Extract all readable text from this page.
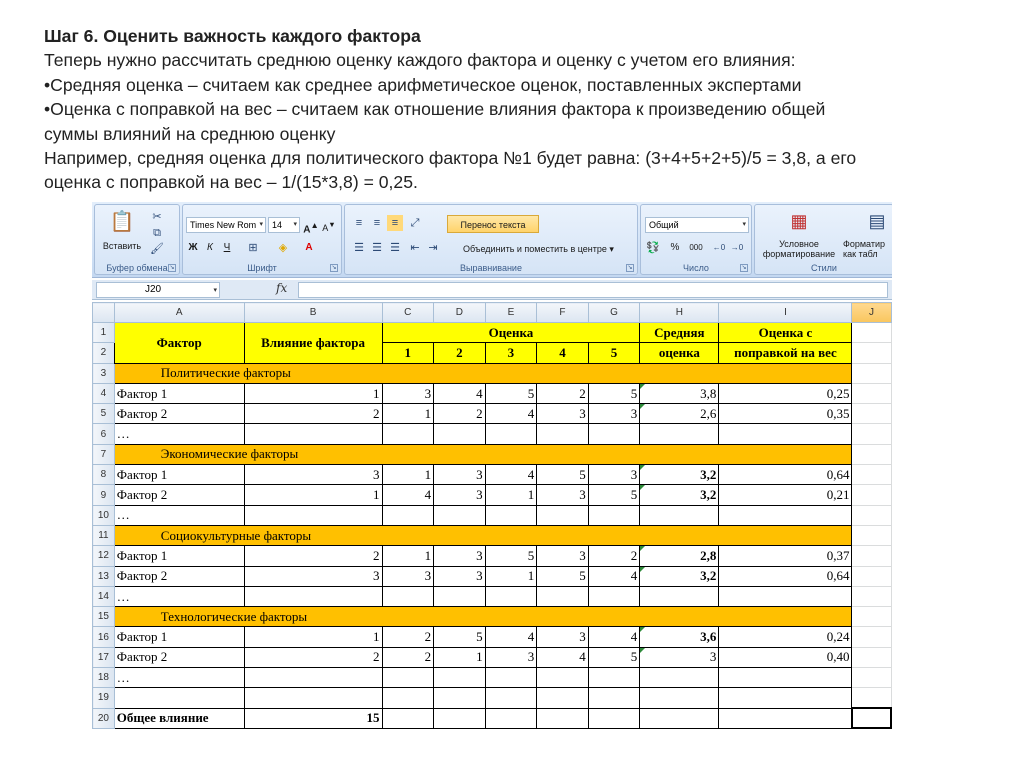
Шаг 6. Оценить важность каждого фактора
Теперь нужно рассчитать среднюю оценку каждого фактора и оценку с учетом его влияния:
•Средняя оценка – считаем как среднее арифметическое оценок, поставленных экспертами
•Оценка с поправкой на вес – считаем как отношение влияния фактора к произведению общей
суммы влияний на среднюю оценку
Например, средняя оценка для политического фактора №1 будет равна: (3+4+5+2+5)/5 = 3,8, а его
оценка с поправкой на вес – 1/(15*3,8) = 0,25.
📋
Вставить
✂
⧉
🖌
Буфер обмена ↘
Times New Rom ▾	14 ▾ A▲ A▼
Ж К	Ч	⊞	◈	A
Шрифт	↘
≡	≡	≡	⤢
☰ ☰ ☰ ⇤ ⇥
Перенос текста
Объединить и поместить в центре ▾
Выравнивание	↘
Общий	▾
💱 %	000	←0 →0
Число	↘
▦
Условное форматирование
▤
Форматир как табл
Стили
J20	▾	fx
	A	B	C	D	E	F	G	H	I	J
1	Фактор	Влияние фактора	Оценка					Средняя	Оценка с	
2			1	2	3	4	5	оценка	поправкой на вес	
3	Политические факторы									
4	Фактор 1	1	3	4	5	2	5	3,8	0,25	
5	Фактор 2	2	1	2	4	3	3	2,6	0,35	
6	…									
7	Экономические факторы									
8	Фактор 1	3	1	3	4	5	3	3,2	0,64	
9	Фактор 2	1	4	3	1	3	5	3,2	0,21	
10	…									
11	Социокультурные факторы									
12	Фактор 1	2	1	3	5	3	2	2,8	0,37	
13	Фактор 2	3	3	3	1	5	4	3,2	0,64	
14	…									
15	Технологические факторы									
16	Фактор 1	1	2	5	4	3	4	3,6	0,24	
17	Фактор 2	2	2	1	3	4	5	3	0,40	
18	…									
19										
20	Общее влияние	15								
